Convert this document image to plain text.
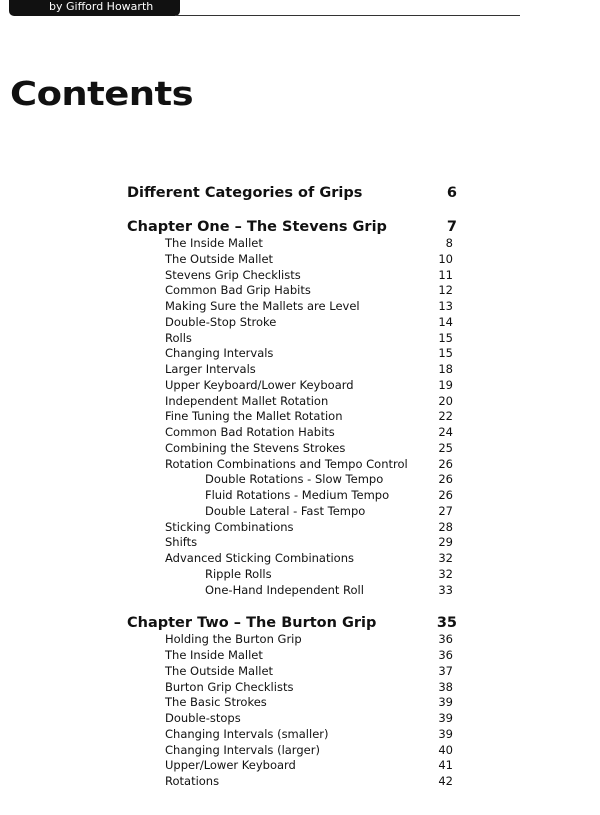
by Gifford Howarth
Contents
Different Categories of Grips	6
Chapter One – The Stevens Grip	7
The Inside Mallet	8
The Outside Mallet	10
Stevens Grip Checklists	11
Common Bad Grip Habits	12
Making Sure the Mallets are Level	13
Double-Stop Stroke	14
Rolls	15
Changing Intervals	15
Larger Intervals	18
Upper Keyboard/Lower Keyboard	19
Independent Mallet Rotation	20
Fine Tuning the Mallet Rotation	22
Common Bad Rotation Habits	24
Combining the Stevens Strokes	25
Rotation Combinations and Tempo Control	26
Double Rotations - Slow Tempo	26
Fluid Rotations - Medium Tempo	26
Double Lateral - Fast Tempo	27
Sticking Combinations	28
Shifts	29
Advanced Sticking Combinations	32
Ripple Rolls	32
One-Hand Independent Roll	33
Chapter Two – The Burton Grip	35
Holding the Burton Grip	36
The Inside Mallet	36
The Outside Mallet	37
Burton Grip Checklists	38
The Basic Strokes	39
Double-stops	39
Changing Intervals (smaller)	39
Changing Intervals (larger)	40
Upper/Lower Keyboard	41
Rotations	42
